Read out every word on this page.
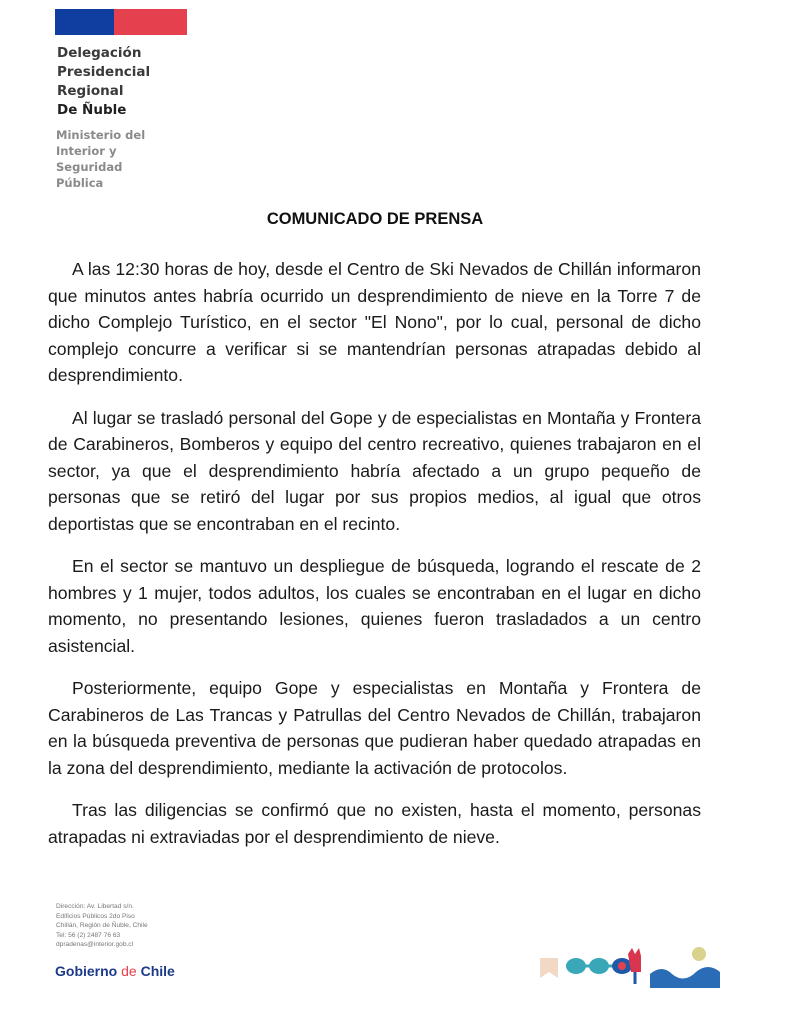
Delegación
Presidencial
Regional
De Ñuble
Ministerio del
Interior y
Seguridad
Pública
COMUNICADO DE PRENSA

A las 12:30 horas de hoy, desde el Centro de Ski Nevados de Chillán informaron que minutos antes habría ocurrido un desprendimiento de nieve en la Torre 7 de dicho Complejo Turístico, en el sector "El Nono", por lo cual, personal de dicho complejo concurre a verificar si se mantendrían personas atrapadas debido al desprendimiento.

Al lugar se trasladó personal del Gope y de especialistas en Montaña y Frontera de Carabineros, Bomberos y equipo del centro recreativo, quienes trabajaron en el sector, ya que el desprendimiento habría afectado a un grupo pequeño de personas que se retiró del lugar por sus propios medios, al igual que otros deportistas que se encontraban en el recinto.

En el sector se mantuvo un despliegue de búsqueda, logrando el rescate de 2 hombres y 1 mujer, todos adultos, los cuales se encontraban en el lugar en dicho momento, no presentando lesiones, quienes fueron trasladados a un centro asistencial.

Posteriormente, equipo Gope y especialistas en Montaña y Frontera de Carabineros de Las Trancas y Patrullas del Centro Nevados de Chillán, trabajaron en la búsqueda preventiva de personas que pudieran haber quedado atrapadas en la zona del desprendimiento, mediante la activación de protocolos.

Tras las diligencias se confirmó que no existen, hasta el momento, personas atrapadas ni extraviadas por el desprendimiento de nieve.

Dirección: Av. Libertad s/n.
Edificios Públicos 2do Piso
Chillán, Región de Ñuble, Chile
Tel: 56 (2) 2487 76 63
dpradenas@interior.gob.cl
Gobierno de Chile
